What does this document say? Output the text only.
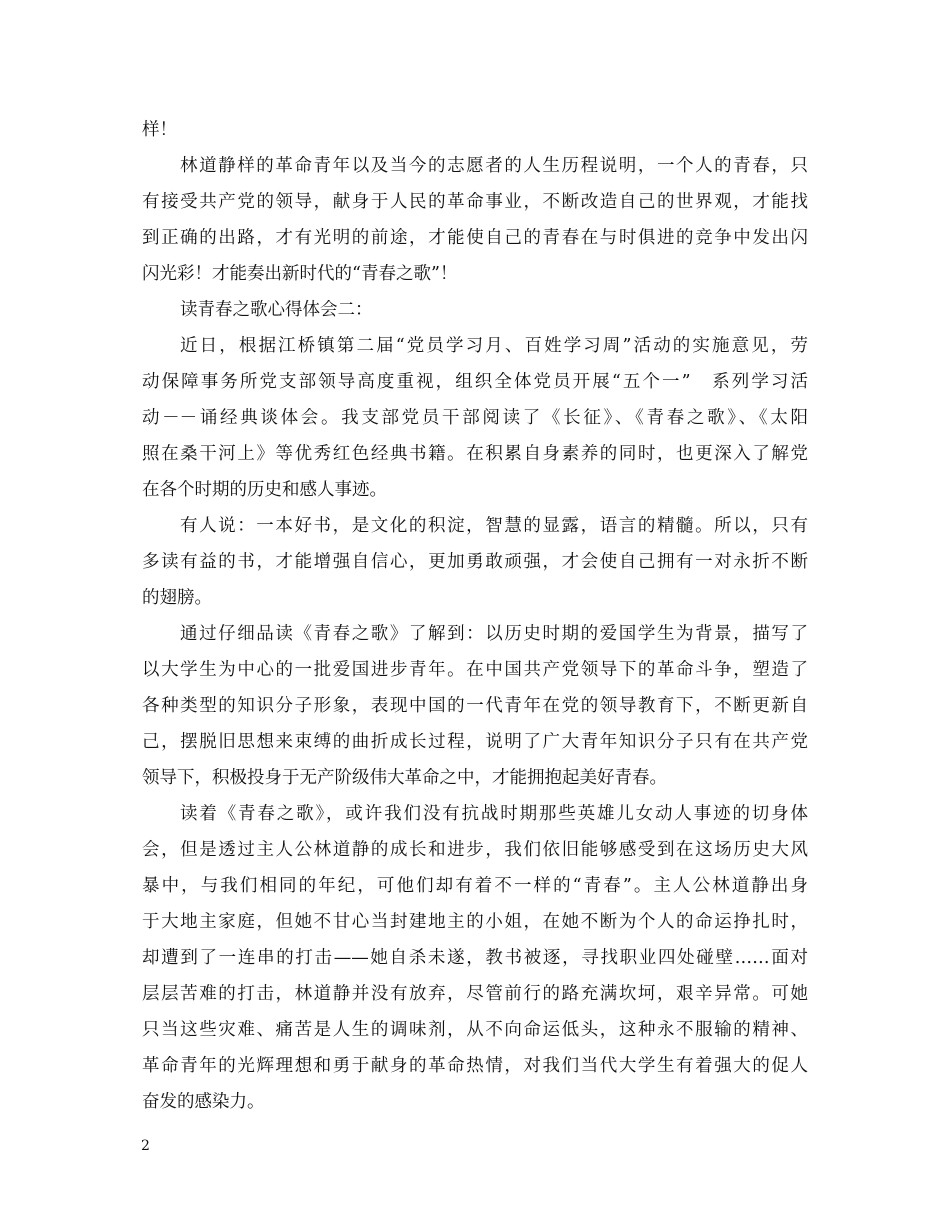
样！
林道静样的革命青年以及当今的志愿者的人生历程说明，一个人的青春，只
有接受共产党的领导，献身于人民的革命事业，不断改造自己的世界观，才能找
到正确的出路，才有光明的前途，才能使自己的青春在与时俱进的竞争中发出闪
闪光彩！才能奏出新时代的“青春之歌”！
读青春之歌心得体会二：
近日，根据江桥镇第二届“党员学习月、百姓学习周”活动的实施意见，劳
动保障事务所党支部领导高度重视，组织全体党员开展“五个一”　系列学习活
动－－诵经典谈体会。我支部党员干部阅读了《长征》、《青春之歌》、《太阳
照在桑干河上》等优秀红色经典书籍。在积累自身素养的同时，也更深入了解党
在各个时期的历史和感人事迹。
有人说：一本好书，是文化的积淀，智慧的显露，语言的精髓。所以，只有
多读有益的书，才能增强自信心，更加勇敢顽强，才会使自己拥有一对永折不断
的翅膀。
通过仔细品读《青春之歌》了解到：以历史时期的爱国学生为背景，描写了
以大学生为中心的一批爱国进步青年。在中国共产党领导下的革命斗争，塑造了
各种类型的知识分子形象，表现中国的一代青年在党的领导教育下，不断更新自
己，摆脱旧思想来束缚的曲折成长过程，说明了广大青年知识分子只有在共产党
领导下，积极投身于无产阶级伟大革命之中，才能拥抱起美好青春。
读着《青春之歌》，或许我们没有抗战时期那些英雄儿女动人事迹的切身体
会，但是透过主人公林道静的成长和进步，我们依旧能够感受到在这场历史大风
暴中，与我们相同的年纪，可他们却有着不一样的“青春”。主人公林道静出身
于大地主家庭，但她不甘心当封建地主的小姐，在她不断为个人的命运挣扎时，
却遭到了一连串的打击——她自杀未遂，教书被逐，寻找职业四处碰壁……面对
层层苦难的打击，林道静并没有放弃，尽管前行的路充满坎坷，艰辛异常。可她
只当这些灾难、痛苦是人生的调味剂，从不向命运低头，这种永不服输的精神、
革命青年的光辉理想和勇于献身的革命热情，对我们当代大学生有着强大的促人
奋发的感染力。
2
